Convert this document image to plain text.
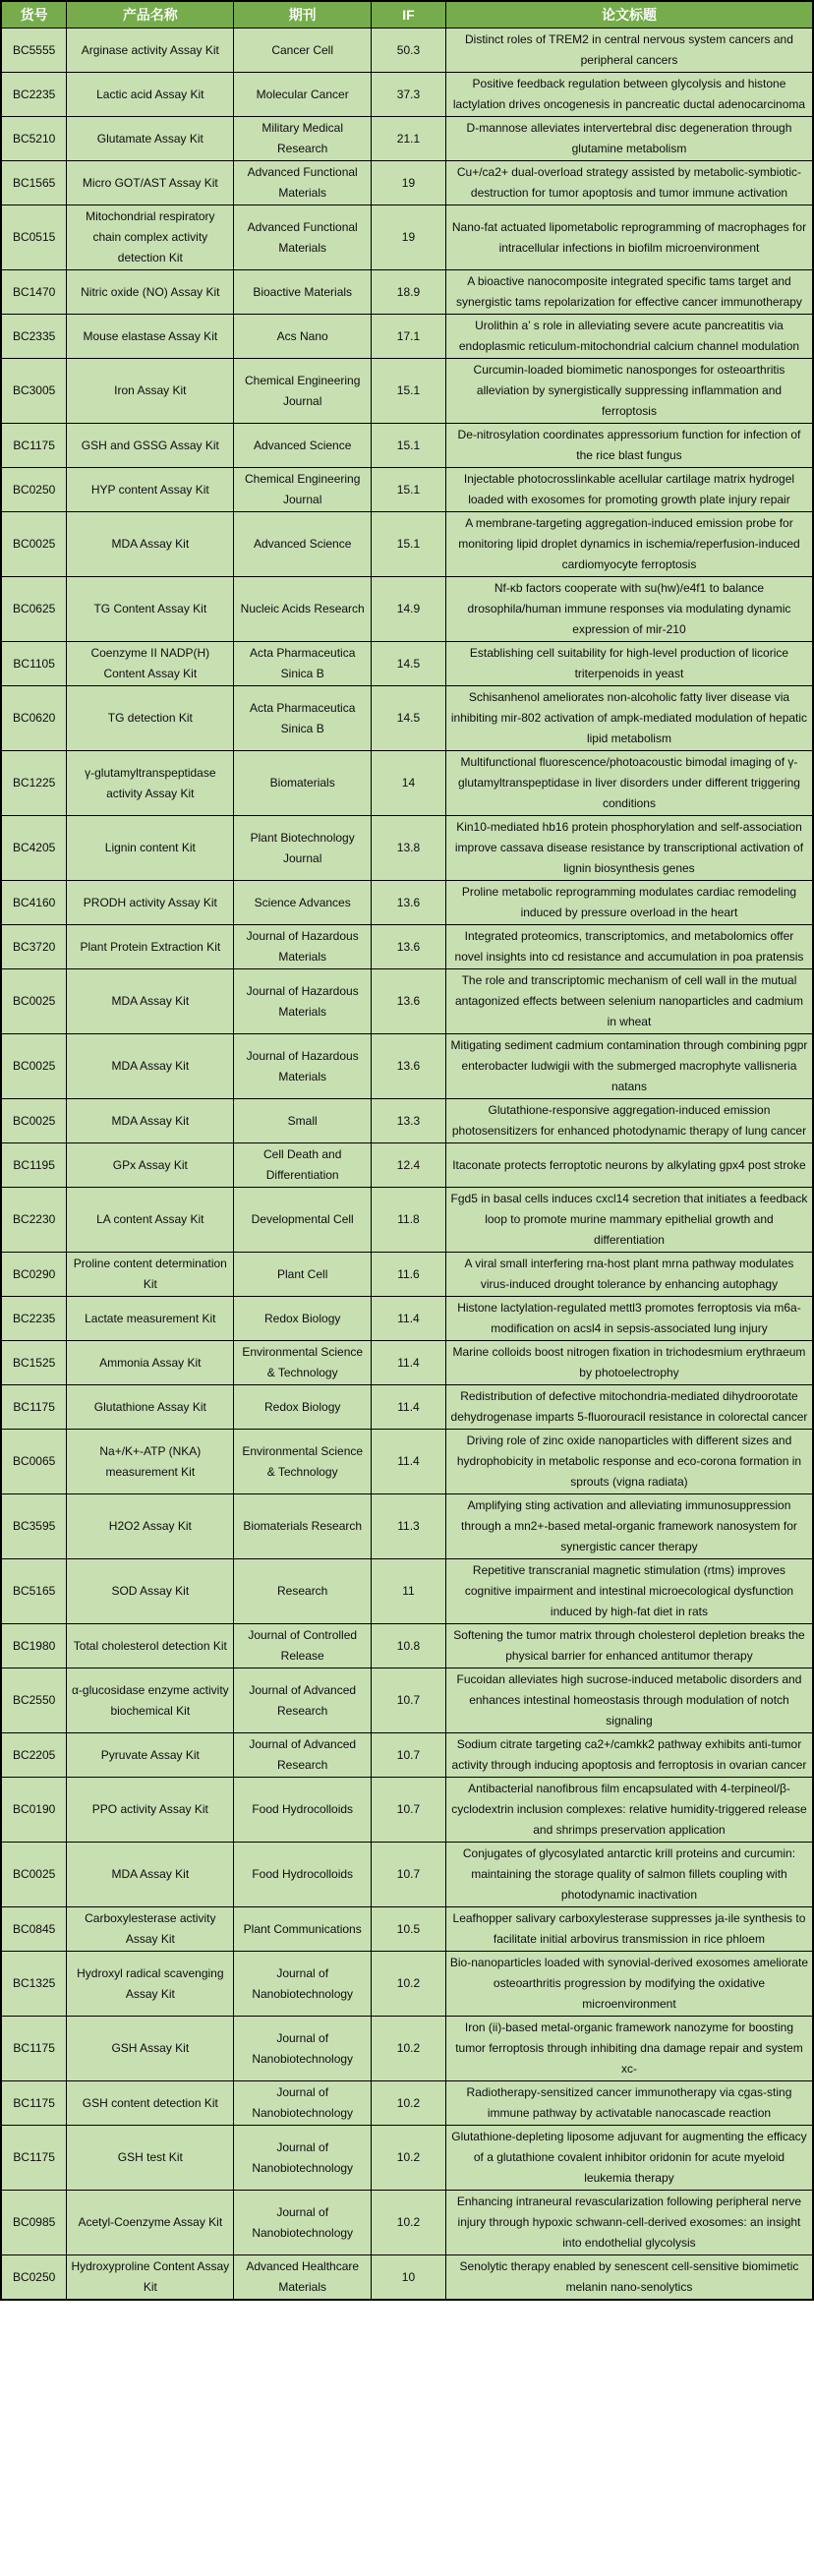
货号	产品名称	期刊	IF	论文标题
BC5555	Arginase activity Assay Kit	Cancer Cell	50.3	Distinct roles of TREM2 in central nervous system cancers and peripheral cancers
BC2235	Lactic acid Assay Kit	Molecular Cancer	37.3	Positive feedback regulation between glycolysis and histone lactylation drives oncogenesis in pancreatic ductal adenocarcinoma
BC5210	Glutamate Assay Kit	Military Medical Research	21.1	D-mannose alleviates intervertebral disc degeneration through glutamine metabolism
BC1565	Micro GOT/AST Assay Kit	Advanced Functional Materials	19	Cu+/ca2+ dual-overload strategy assisted by metabolic-symbiotic-destruction for tumor apoptosis and tumor immune activation
BC0515	Mitochondrial respiratory chain complex activity detection Kit	Advanced Functional Materials	19	Nano-fat actuated lipometabolic reprogramming of macrophages for intracellular infections in biofilm microenvironment
BC1470	Nitric oxide (NO) Assay Kit	Bioactive Materials	18.9	A bioactive nanocomposite integrated specific tams target and synergistic tams repolarization for effective cancer immunotherapy
BC2335	Mouse elastase Assay Kit	Acs Nano	17.1	Urolithin a’ s role in alleviating severe acute pancreatitis via endoplasmic reticulum-mitochondrial calcium channel modulation
BC3005	Iron Assay Kit	Chemical Engineering Journal	15.1	Curcumin-loaded biomimetic nanosponges for osteoarthritis alleviation by synergistically suppressing inflammation and ferroptosis
BC1175	GSH and GSSG Assay Kit	Advanced Science	15.1	De-nitrosylation coordinates appressorium function for infection of the rice blast fungus
BC0250	HYP content Assay Kit	Chemical Engineering Journal	15.1	Injectable photocrosslinkable acellular cartilage matrix hydrogel loaded with exosomes for promoting growth plate injury repair
BC0025	MDA Assay Kit	Advanced Science	15.1	A membrane-targeting aggregation-induced emission probe for monitoring lipid droplet dynamics in ischemia/reperfusion-induced cardiomyocyte ferroptosis
BC0625	TG Content Assay Kit	Nucleic Acids Research	14.9	Nf-κb factors cooperate with su(hw)/e4f1 to balance drosophila/human immune responses via modulating dynamic expression of mir-210
BC1105	Coenzyme II NADP(H) Content Assay Kit	Acta Pharmaceutica Sinica B	14.5	Establishing cell suitability for high-level production of licorice triterpenoids in yeast
BC0620	TG detection Kit	Acta Pharmaceutica Sinica B	14.5	Schisanhenol ameliorates non-alcoholic fatty liver disease via inhibiting mir-802 activation of ampk-mediated modulation of hepatic lipid metabolism
BC1225	γ-glutamyltranspeptidase activity Assay Kit	Biomaterials	14	Multifunctional fluorescence/photoacoustic bimodal imaging of γ-glutamyltranspeptidase in liver disorders under different triggering conditions
BC4205	Lignin content Kit	Plant Biotechnology Journal	13.8	Kin10-mediated hb16 protein phosphorylation and self-association improve cassava disease resistance by transcriptional activation of lignin biosynthesis genes
BC4160	PRODH activity Assay Kit	Science Advances	13.6	Proline metabolic reprogramming modulates cardiac remodeling induced by pressure overload in the heart
BC3720	Plant Protein Extraction Kit	Journal of Hazardous Materials	13.6	Integrated proteomics, transcriptomics, and metabolomics offer novel insights into cd resistance and accumulation in poa pratensis
BC0025	MDA Assay Kit	Journal of Hazardous Materials	13.6	The role and transcriptomic mechanism of cell wall in the mutual antagonized effects between selenium nanoparticles and cadmium in wheat
BC0025	MDA Assay Kit	Journal of Hazardous Materials	13.6	Mitigating sediment cadmium contamination through combining pgpr enterobacter ludwigii with the submerged macrophyte vallisneria natans
BC0025	MDA Assay Kit	Small	13.3	Glutathione-responsive aggregation-induced emission photosensitizers for enhanced photodynamic therapy of lung cancer
BC1195	GPx Assay Kit	Cell Death and Differentiation	12.4	Itaconate protects ferroptotic neurons by alkylating gpx4 post stroke
BC2230	LA content Assay Kit	Developmental Cell	11.8	Fgd5 in basal cells induces cxcl14 secretion that initiates a feedback loop to promote murine mammary epithelial growth and differentiation
BC0290	Proline content determination Kit	Plant Cell	11.6	A viral small interfering rna-host plant mrna pathway modulates virus-induced drought tolerance by enhancing autophagy
BC2235	Lactate measurement Kit	Redox Biology	11.4	Histone lactylation-regulated mettl3 promotes ferroptosis via m6a-modification on acsl4 in sepsis-associated lung injury
BC1525	Ammonia Assay Kit	Environmental Science & Technology	11.4	Marine colloids boost nitrogen fixation in trichodesmium erythraeum by photoelectrophy
BC1175	Glutathione Assay Kit	Redox Biology	11.4	Redistribution of defective mitochondria-mediated dihydroorotate dehydrogenase imparts 5-fluorouracil resistance in colorectal cancer
BC0065	Na+/K+-ATP (NKA) measurement Kit	Environmental Science & Technology	11.4	Driving role of zinc oxide nanoparticles with different sizes and hydrophobicity in metabolic response and eco-corona formation in sprouts (vigna radiata)
BC3595	H2O2 Assay Kit	Biomaterials Research	11.3	Amplifying sting activation and alleviating immunosuppression through a mn2+-based metal-organic framework nanosystem for synergistic cancer therapy
BC5165	SOD Assay Kit	Research	11	Repetitive transcranial magnetic stimulation (rtms) improves cognitive impairment and intestinal microecological dysfunction induced by high-fat diet in rats
BC1980	Total cholesterol detection Kit	Journal of Controlled Release	10.8	Softening the tumor matrix through cholesterol depletion breaks the physical barrier for enhanced antitumor therapy
BC2550	α-glucosidase enzyme activity biochemical Kit	Journal of Advanced Research	10.7	Fucoidan alleviates high sucrose-induced metabolic disorders and enhances intestinal homeostasis through modulation of notch signaling
BC2205	Pyruvate Assay Kit	Journal of Advanced Research	10.7	Sodium citrate targeting ca2+/camkk2 pathway exhibits anti-tumor activity through inducing apoptosis and ferroptosis in ovarian cancer
BC0190	PPO activity Assay Kit	Food Hydrocolloids	10.7	Antibacterial nanofibrous film encapsulated with 4-terpineol/β-cyclodextrin inclusion complexes: relative humidity-triggered release and shrimps preservation application
BC0025	MDA Assay Kit	Food Hydrocolloids	10.7	Conjugates of glycosylated antarctic krill proteins and curcumin: maintaining the storage quality of salmon fillets coupling with photodynamic inactivation
BC0845	Carboxylesterase activity Assay Kit	Plant Communications	10.5	Leafhopper salivary carboxylesterase suppresses ja-ile synthesis to facilitate initial arbovirus transmission in rice phloem
BC1325	Hydroxyl radical scavenging Assay Kit	Journal of Nanobiotechnology	10.2	Bio-nanoparticles loaded with synovial-derived exosomes ameliorate osteoarthritis progression by modifying the oxidative microenvironment
BC1175	GSH Assay Kit	Journal of Nanobiotechnology	10.2	Iron (ii)-based metal-organic framework nanozyme for boosting tumor ferroptosis through inhibiting dna damage repair and system xc-
BC1175	GSH content detection Kit	Journal of Nanobiotechnology	10.2	Radiotherapy-sensitized cancer immunotherapy via cgas-sting immune pathway by activatable nanocascade reaction
BC1175	GSH test Kit	Journal of Nanobiotechnology	10.2	Glutathione-depleting liposome adjuvant for augmenting the efficacy of a glutathione covalent inhibitor oridonin for acute myeloid leukemia therapy
BC0985	Acetyl-Coenzyme Assay Kit	Journal of Nanobiotechnology	10.2	Enhancing intraneural revascularization following peripheral nerve injury through hypoxic schwann-cell-derived exosomes: an insight into endothelial glycolysis
BC0250	Hydroxyproline Content Assay Kit	Advanced Healthcare Materials	10	Senolytic therapy enabled by senescent cell-sensitive biomimetic melanin nano-senolytics
